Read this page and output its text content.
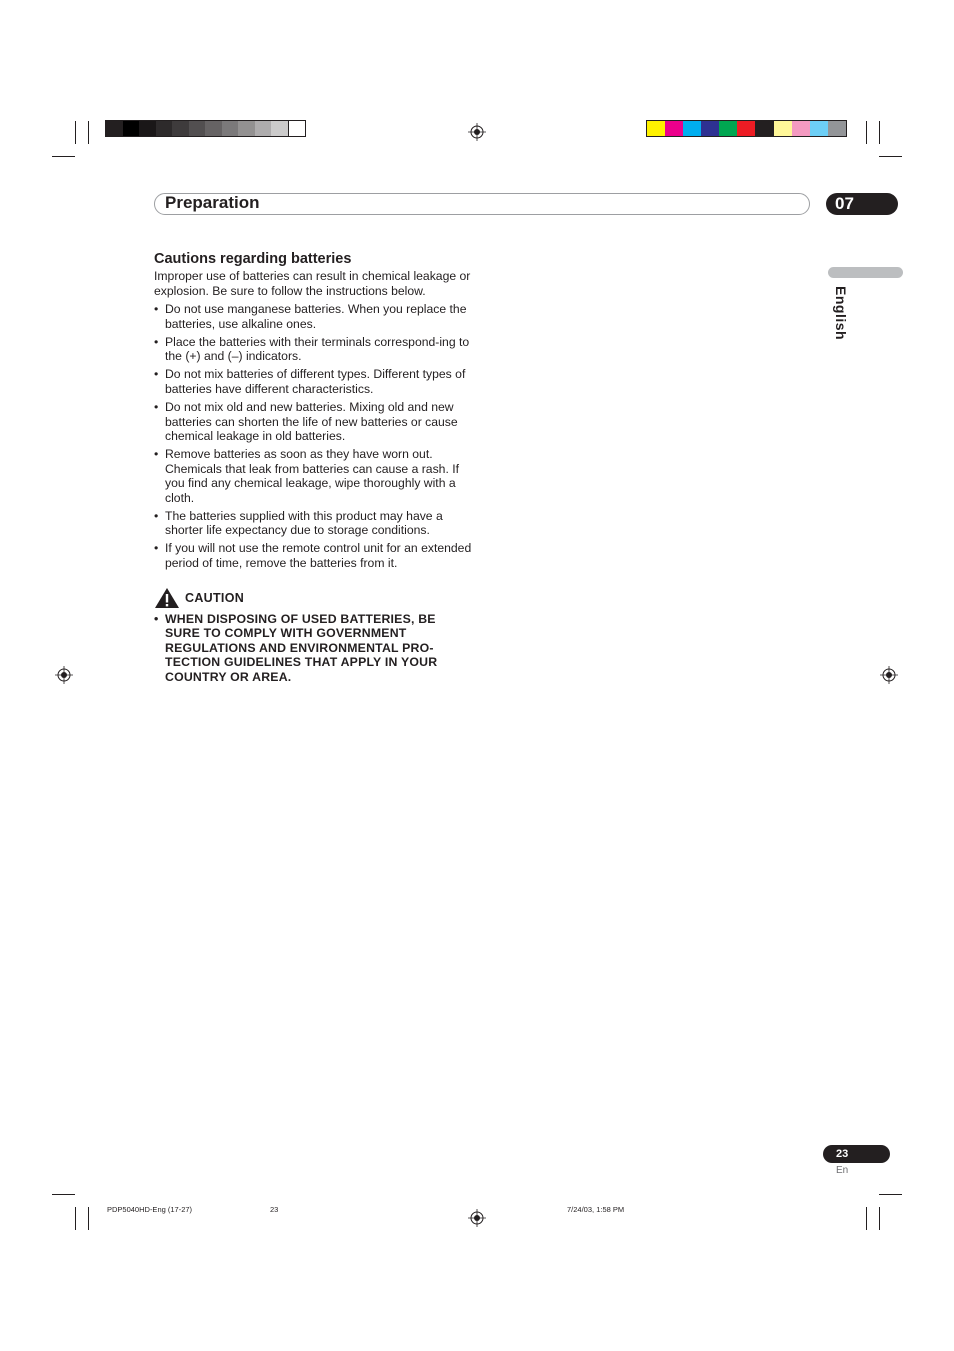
Preparation	07
English
Cautions regarding batteries

Improper use of batteries can result in chemical leakage or explosion. Be sure to follow the instructions below.

• Do not use manganese batteries. When you replace the batteries, use alkaline ones.
• Place the batteries with their terminals correspond-ing to the (+) and (–) indicators.
• Do not mix batteries of different types. Different types of batteries have different characteristics.
• Do not mix old and new batteries. Mixing old and new batteries can shorten the life of new batteries or cause chemical leakage in old batteries.
• Remove batteries as soon as they have worn out. Chemicals that leak from batteries can cause a rash. If you find any chemical leakage, wipe thoroughly with a cloth.
• The batteries supplied with this product may have a shorter life expectancy due to storage conditions.
• If you will not use the remote control unit for an extended period of time, remove the batteries from it.
CAUTION
• WHEN DISPOSING OF USED BATTERIES, BE SURE TO COMPLY WITH GOVERNMENT REGULATIONS AND ENVIRONMENTAL PRO-TECTION GUIDELINES THAT APPLY IN YOUR COUNTRY OR AREA.
23
En
PDP5040HD-Eng (17-27)	23	7/24/03, 1:58 PM
